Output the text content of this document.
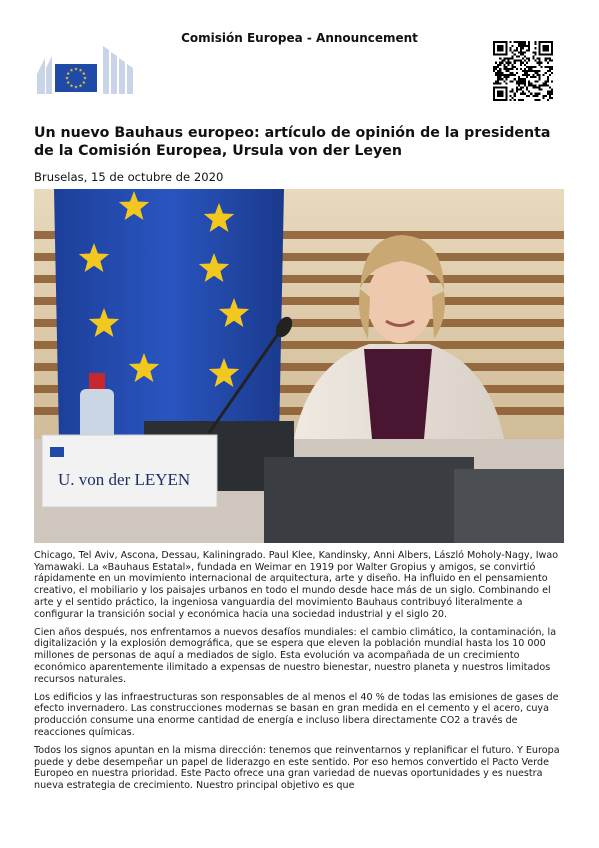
Comisión Europea - Announcement
Un nuevo Bauhaus europeo: artículo de opinión de la presidenta de la Comisión Europea, Ursula von der Leyen
Bruselas, 15 de octubre de 2020
U. von der LEYEN

Chicago, Tel Aviv, Ascona, Dessau, Kaliningrado. Paul Klee, Kandinsky, Anni Albers, László Moholy-Nagy, Iwao Yamawaki. La «Bauhaus Estatal», fundada en Weimar en 1919 por Walter Gropius y amigos, se convirtió rápidamente en un movimiento internacional de arquitectura, arte y diseño. Ha influido en el pensamiento creativo, el mobiliario y los paisajes urbanos en todo el mundo desde hace más de un siglo. Combinando el arte y el sentido práctico, la ingeniosa vanguardia del movimiento Bauhaus contribuyó literalmente a configurar la transición social y económica hacia una sociedad industrial y el siglo 20.

Cien años después, nos enfrentamos a nuevos desafíos mundiales: el cambio climático, la contaminación, la digitalización y la explosión demográfica, que se espera que eleven la población mundial hasta los 10 000 millones de personas de aquí a mediados de siglo. Esta evolución va acompañada de un crecimiento económico aparentemente ilimitado a expensas de nuestro bienestar, nuestro planeta y nuestros limitados recursos naturales.

Los edificios y las infraestructuras son responsables de al menos el 40 % de todas las emisiones de gases de efecto invernadero. Las construcciones modernas se basan en gran medida en el cemento y el acero, cuya producción consume una enorme cantidad de energía e incluso libera directamente CO2 a través de reacciones químicas.

Todos los signos apuntan en la misma dirección: tenemos que reinventarnos y replanificar el futuro. Y Europa puede y debe desempeñar un papel de liderazgo en este sentido. Por eso hemos convertido el Pacto Verde Europeo en nuestra prioridad. Este Pacto ofrece una gran variedad de nuevas oportunidades y es nuestra nueva estrategia de crecimiento. Nuestro principal objetivo es que
